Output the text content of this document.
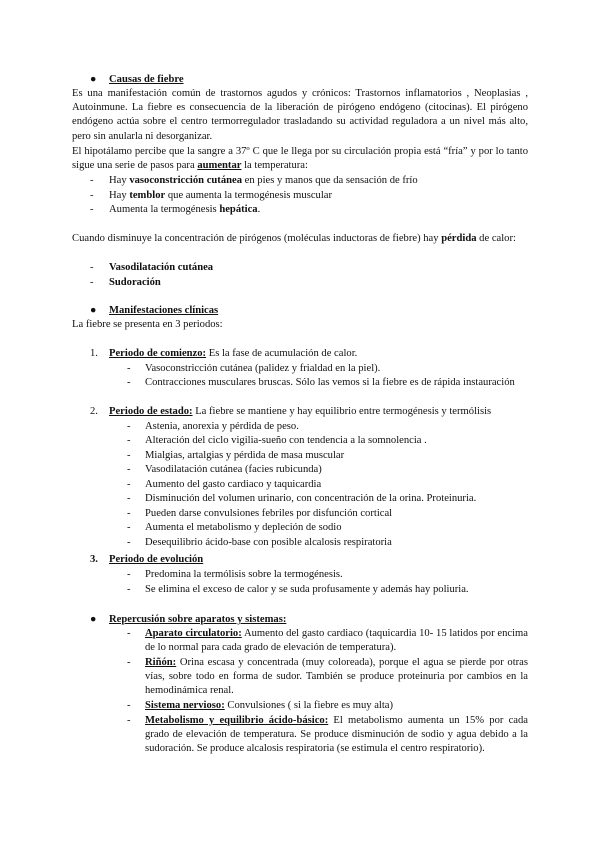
● Causas de fiebre
Es una manifestación común de trastornos agudos y crónicos: Trastornos inflamatorios , Neoplasias , Autoinmune. La fiebre es consecuencia de la liberación de pirógeno endógeno (citocinas). El pirógeno endógeno actúa sobre el centro termorregulador trasladando su actividad reguladora a un nivel más alto, pero sin anularla ni desorganizar.
El hipotálamo percibe que la sangre a 37º C que le llega por su circulación propia está “fría” y por lo tanto sigue una serie de pasos para aumentar la temperatura:
- Hay vasoconstricción cutánea en pies y manos que da sensación de frío
- Hay temblor que aumenta la termogénesis muscular
- Aumenta la termogénesis hepática.
Cuando disminuye la concentración de pirógenos (moléculas inductoras de fiebre) hay pérdida de calor:
- Vasodilatación cutánea
- Sudoración
● Manifestaciones clínicas
La fiebre se presenta en 3 periodos:
1. Periodo de comienzo: Es la fase de acumulación de calor.
- Vasoconstricción cutánea (palidez y frialdad en la piel).
- Contracciones musculares bruscas. Sólo las vemos si la fiebre es de rápida instauración
2. Periodo de estado: La fiebre se mantiene y hay equilibrio entre termogénesis y termólisis
- Astenia, anorexia y pérdida de peso.
- Alteración del ciclo vigilia-sueño con tendencia a la somnolencia .
- Mialgias, artalgias y pérdida de masa muscular
- Vasodilatación cutánea (facies rubicunda)
- Aumento del gasto cardiaco y taquicardia
- Disminución del volumen urinario, con concentración de la orina. Proteinuria.
- Pueden darse convulsiones febriles por disfunción cortical
- Aumenta el metabolismo y depleción de sodio
- Desequilibrio ácido-base con posible alcalosis respiratoria
3. Periodo de evolución
- Predomina la termólisis sobre la termogénesis.
- Se elimina el exceso de calor y se suda profusamente y además hay poliuria.
● Repercusión sobre aparatos y sistemas:
- Aparato circulatorio: Aumento del gasto cardiaco (taquicardia 10- 15 latidos por encima de lo normal para cada grado de elevación de temperatura).
- Riñón: Orina escasa y concentrada (muy coloreada), porque el agua se pierde por otras vías, sobre todo en forma de sudor. También se produce proteinuria por cambios en la hemodinámica renal.
- Sistema nervioso: Convulsiones ( si la fiebre es muy alta)
- Metabolismo y equilibrio ácido-básico: El metabolismo aumenta un 15% por cada grado de elevación de temperatura. Se produce disminución de sodio y agua debido a la sudoración. Se produce alcalosis respiratoria (se estimula el centro respiratorio).
